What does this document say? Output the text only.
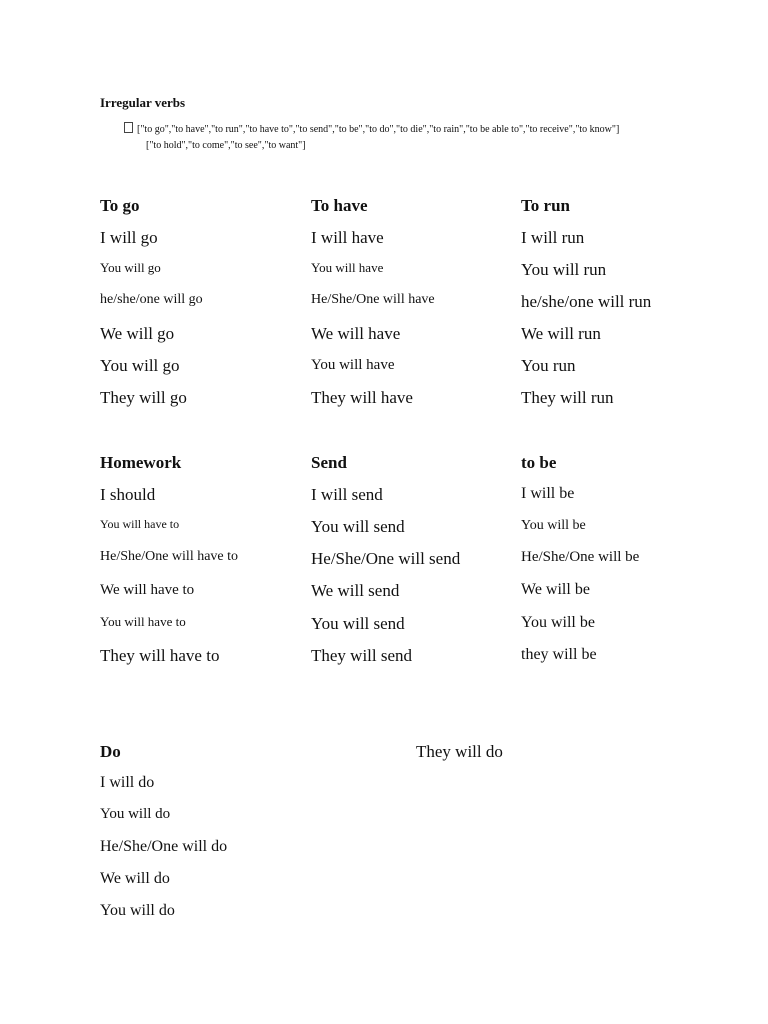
Irregular verbs
["to go","to have","to run","to have to","to send","to be","to do","to die","to rain","to be able to","to receive","to know"]
["to hold","to come","to see","to want"]
To go
I will go
You will go
he/she/one will go
We will go
You will go
They will go
To have
I will have
You will have
He/She/One will have
We will have
You will have
They will have
To run
I will run
You will run
he/she/one will run
We will run
You run
They will run
Homework
I should
You will have to
He/She/One will have to
We will have to
You will have to
They will have to
Send
I will send
You will send
He/She/One will send
We will send
You will send
They will send
to be
I will be
You will be
He/She/One will be
We will be
You will be
they will be
Do
I will do
You will do
He/She/One will do
We will do
You will do
They will do
